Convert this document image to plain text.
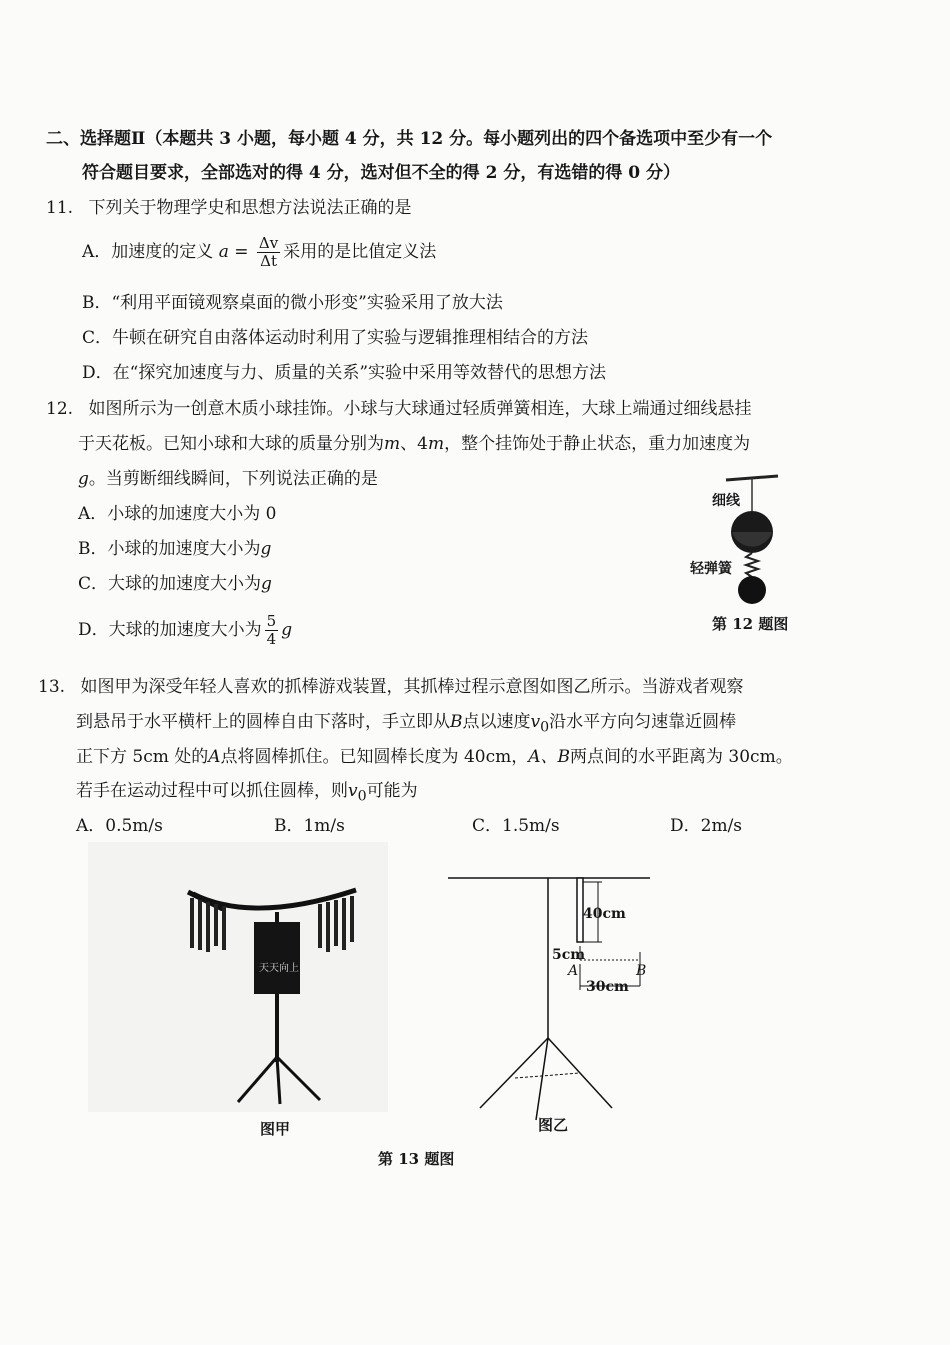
二、选择题Ⅱ（本题共 3 小题，每小题 4 分，共 12 分。每小题列出的四个备选项中至少有一个
符合题目要求，全部选对的得 4 分，选对但不全的得 2 分，有选错的得 0 分）
11. 下列关于物理学史和思想方法说法正确的是
A．加速度的定义 $a = \frac{\Delta v}{\Delta t}$ 采用的是比值定义法
B．“利用平面镜观察桌面的微小形变”实验采用了放大法
C．牛顿在研究自由落体运动时利用了实验与逻辑推理相结合的方法
D．在“探究加速度与力、质量的关系”实验中采用等效替代的思想方法
12. 如图所示为一创意木质小球挂饰。小球与大球通过轻质弹簧相连，大球上端通过细线悬挂
于天花板。已知小球和大球的质量分别为m、4m，整个挂饰处于静止状态，重力加速度为
g。当剪断细线瞬间，下列说法正确的是
A．小球的加速度大小为 0
B．小球的加速度大小为g
C．大球的加速度大小为g
D．大球的加速度大小为 $\frac{5}{4}$ g
细线
轻弹簧
第 12 题图
13. 如图甲为深受年轻人喜欢的抓棒游戏装置，其抓棒过程示意图如图乙所示。当游戏者观察
到悬吊于水平横杆上的圆棒自由下落时，手立即从B点以速度$v_0$沿水平方向匀速靠近圆棒
正下方 5cm 处的A点将圆棒抓住。已知圆棒长度为 40cm，A、B两点间的水平距离为 30cm。
若手在运动过程中可以抓住圆棒，则$v_0$可能为
A．0.5m/s	B．1m/s	C．1.5m/s	D．2m/s
天天向上
图甲
40cm
5cm
A	B
30cm
图乙
第 13 题图
